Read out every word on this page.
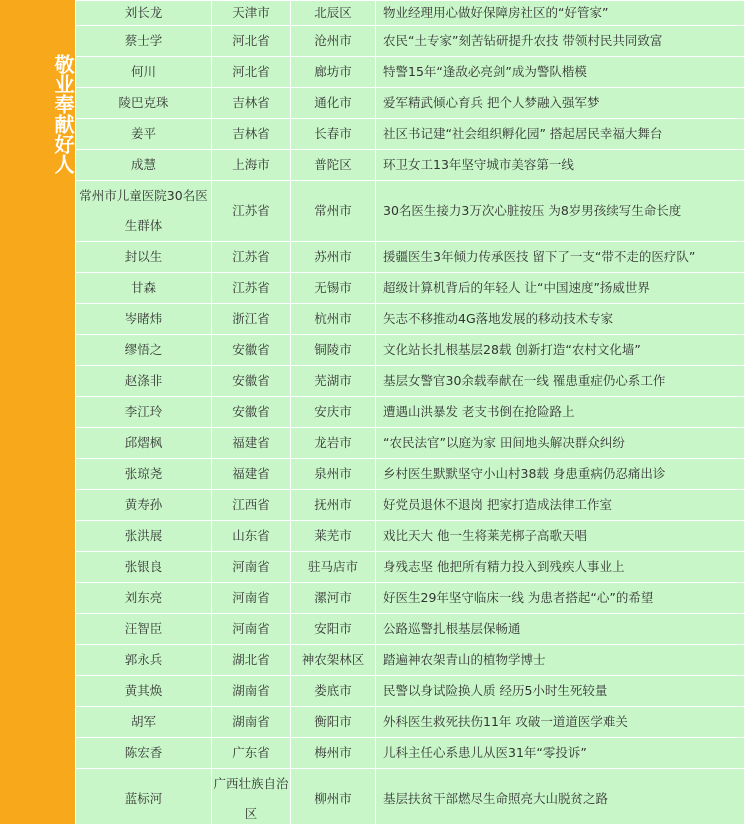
敬业奉献好人
刘长龙	天津市	北辰区	物业经理用心做好保障房社区的“好管家”
蔡士学	河北省	沧州市	农民“土专家”刻苦钻研提升农技 带领村民共同致富
何川	河北省	廊坊市	特警15年“逢敌必亮剑”成为警队楷模
陵巴克珠	吉林省	通化市	爱军精武倾心育兵 把个人梦融入强军梦
姜平	吉林省	长春市	社区书记建“社会组织孵化园” 搭起居民幸福大舞台
成慧	上海市	普陀区	环卫女工13年坚守城市美容第一线
常州市儿童医院30名医生群体	江苏省	常州市	30名医生接力3万次心脏按压 为8岁男孩续写生命长度
封以生	江苏省	苏州市	援疆医生3年倾力传承医技 留下了一支“带不走的医疗队”
甘森	江苏省	无锡市	超级计算机背后的年轻人 让“中国速度”扬威世界
岑睹炜	浙江省	杭州市	矢志不移推动4G落地发展的移动技术专家
缪悟之	安徽省	铜陵市	文化站长扎根基层28载 创新打造“农村文化墙”
赵涤非	安徽省	芜湖市	基层女警官30余载奉献在一线 罹患重症仍心系工作
李江玲	安徽省	安庆市	遭遇山洪暴发 老支书倒在抢险路上
邱熠枫	福建省	龙岩市	“农民法官”以庭为家 田间地头解决群众纠纷
张琼尧	福建省	泉州市	乡村医生默默坚守小山村38载 身患重病仍忍痛出诊
黄寿孙	江西省	抚州市	好党员退休不退岗 把家打造成法律工作室
张洪展	山东省	莱芜市	戏比天大 他一生将莱芜梆子高歌天唱
张银良	河南省	驻马店市	身残志坚 他把所有精力投入到残疾人事业上
刘东亮	河南省	漯河市	好医生29年坚守临床一线 为患者搭起“心”的希望
汪智臣	河南省	安阳市	公路巡警扎根基层保畅通
郭永兵	湖北省	神农架林区	踏遍神农架青山的植物学博士
黄其焕	湖南省	娄底市	民警以身试险换人质 经历5小时生死较量
胡军	湖南省	衡阳市	外科医生救死扶伤11年 攻破一道道医学难关
陈宏香	广东省	梅州市	儿科主任心系患儿从医31年“零投诉”
蓝标河	广西壮族自治区	柳州市	基层扶贫干部燃尽生命照亮大山脱贫之路
